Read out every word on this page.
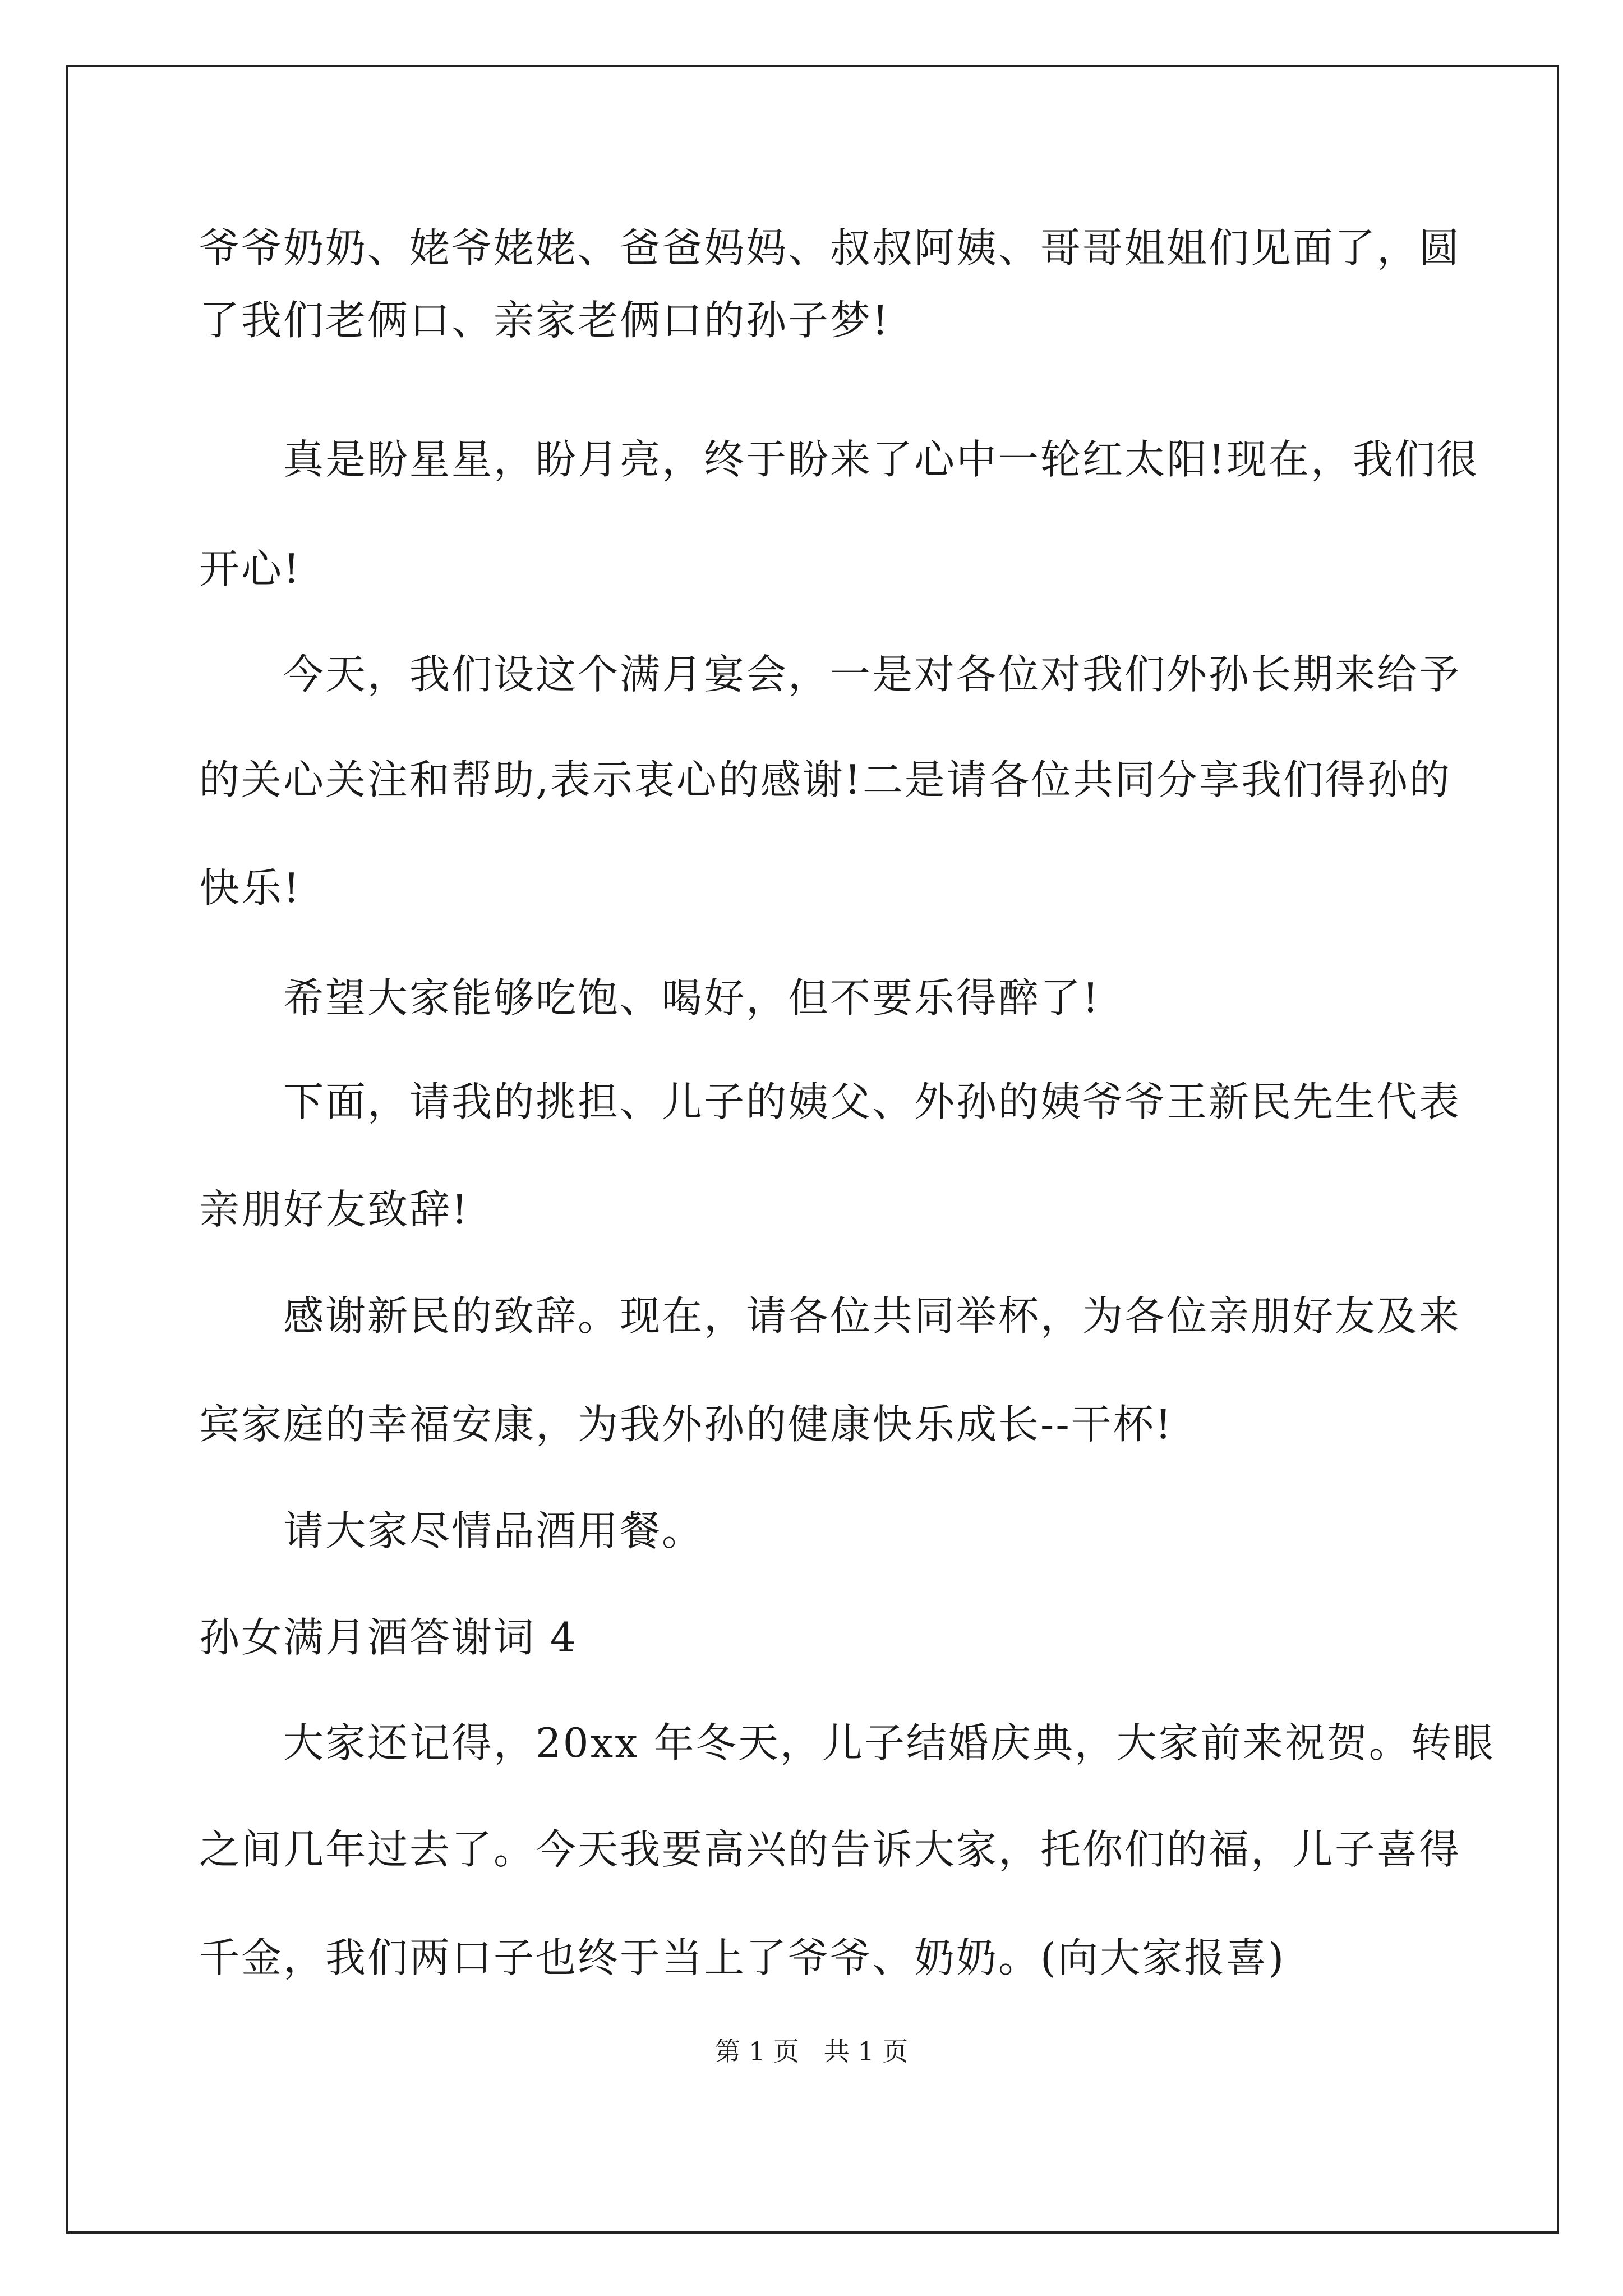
爷爷奶奶、姥爷姥姥、爸爸妈妈、叔叔阿姨、哥哥姐姐们见面了，圆

了我们老俩口、亲家老俩口的孙子梦!

真是盼星星，盼月亮，终于盼来了心中一轮红太阳!现在，我们很

开心!

今天，我们设这个满月宴会，一是对各位对我们外孙长期来给予

的关心关注和帮助,表示衷心的感谢!二是请各位共同分享我们得孙的

快乐!

希望大家能够吃饱、喝好，但不要乐得醉了!

下面，请我的挑担、儿子的姨父、外孙的姨爷爷王新民先生代表

亲朋好友致辞!

感谢新民的致辞。现在，请各位共同举杯，为各位亲朋好友及来

宾家庭的幸福安康，为我外孙的健康快乐成长--干杯!

请大家尽情品酒用餐。

孙女满月酒答谢词 4

大家还记得，20xx 年冬天，儿子结婚庆典，大家前来祝贺。转眼

之间几年过去了。今天我要高兴的告诉大家，托你们的福，儿子喜得

千金，我们两口子也终于当上了爷爷、奶奶。(向大家报喜)

第 1 页   共 1 页
